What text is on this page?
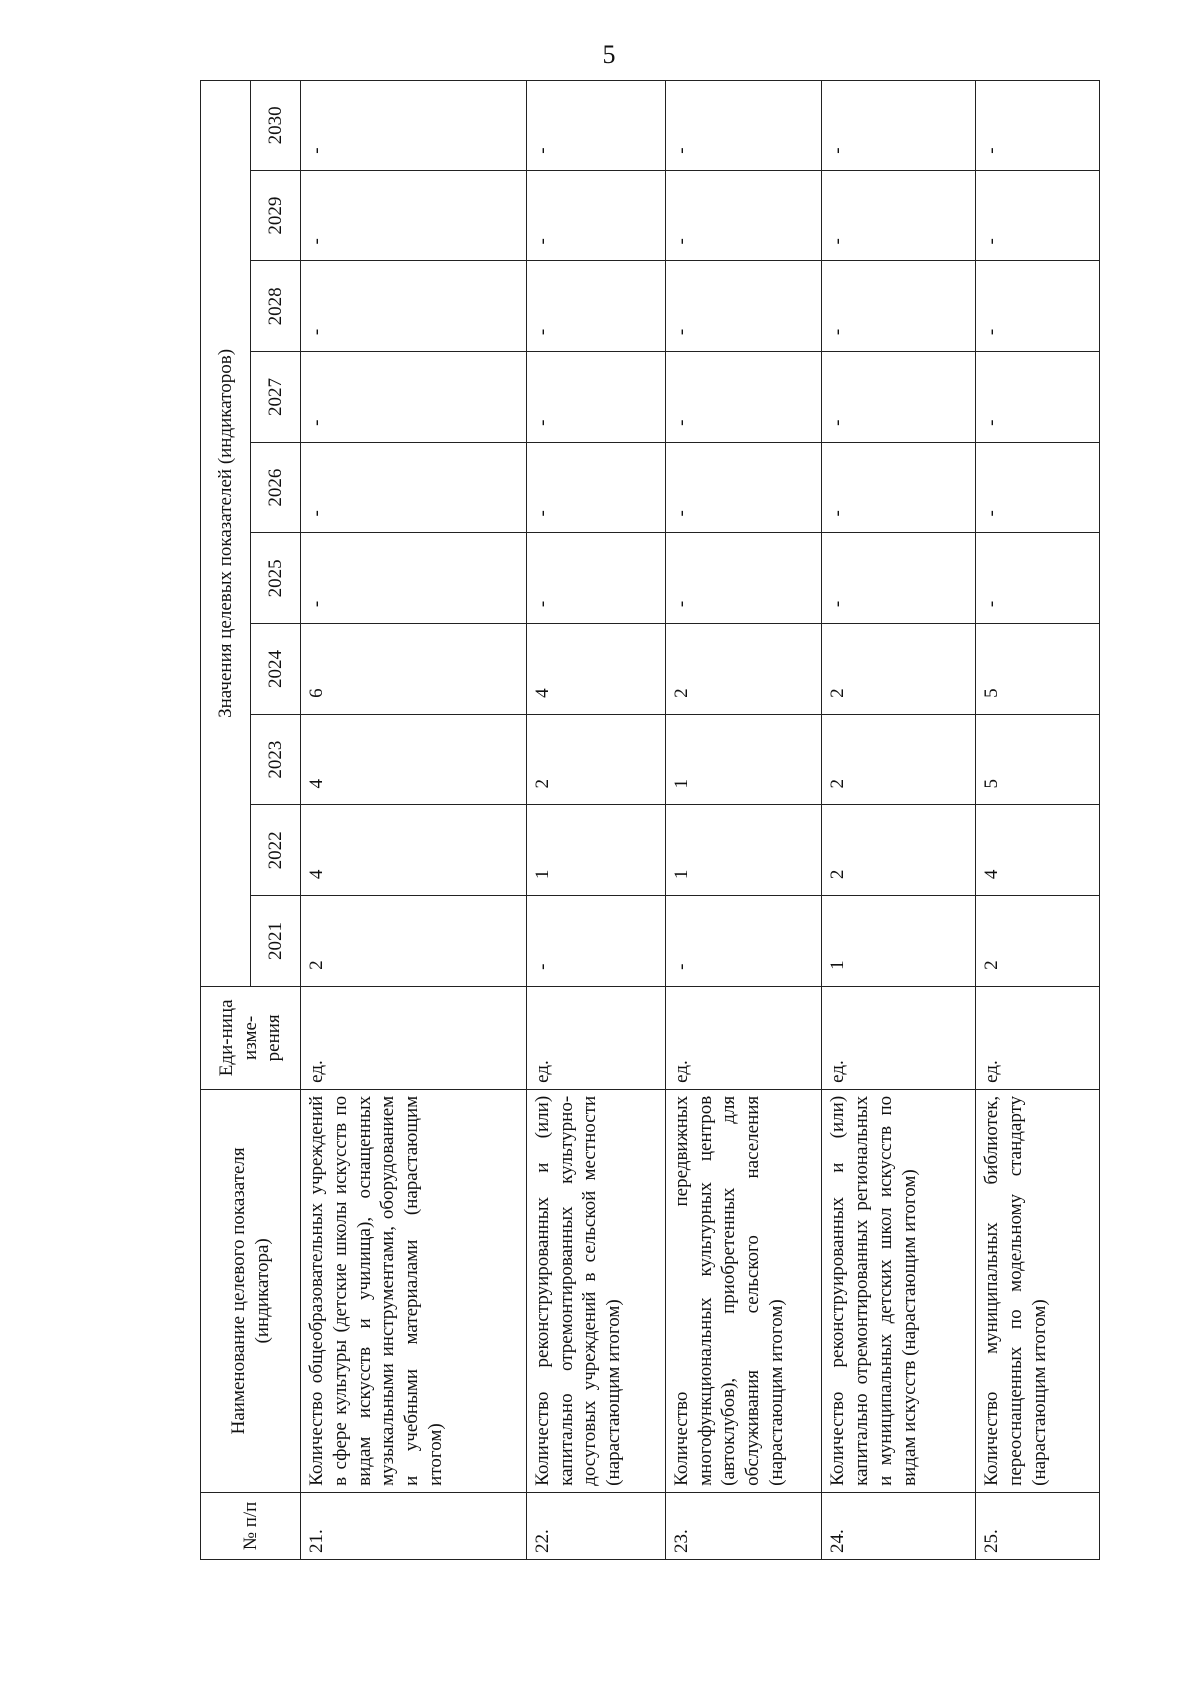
5
№ п/п	Наименование целевого показателя (индикатора)	Еди-ница изме-рения	Значения целевых показателей (индикаторов)									
			2021	2022	2023	2024	2025	2026	2027	2028	2029	2030
21.	Количество общеобразовательных учреждений в сфере культуры (детские школы искусств по видам искусств и училища), оснащенных музыкальными инструментами, оборудованием и учебными материалами (нарастающим итогом)	ед.	2	4	4	6	-	-	-	-	-	-
22.	Количество реконструированных и (или) капитально отремонтированных культурно-досуговых учреждений в сельской местности (нарастающим итогом)	ед.	-	1	2	4	-	-	-	-	-	-
23.	Количество передвижных многофункциональных культурных центров (автоклубов), приобретенных для обслуживания сельского населения (нарастающим итогом)	ед.	-	1	1	2	-	-	-	-	-	-
24.	Количество реконструированных и (или) капитально отремонтированных региональных и муниципальных детских школ искусств по видам искусств (нарастающим итогом)	ед.	1	2	2	2	-	-	-	-	-	-
25.	Количество муниципальных библиотек, переоснащенных по модельному стандарту (нарастающим итогом)	ед.	2	4	5	5	-	-	-	-	-	-
